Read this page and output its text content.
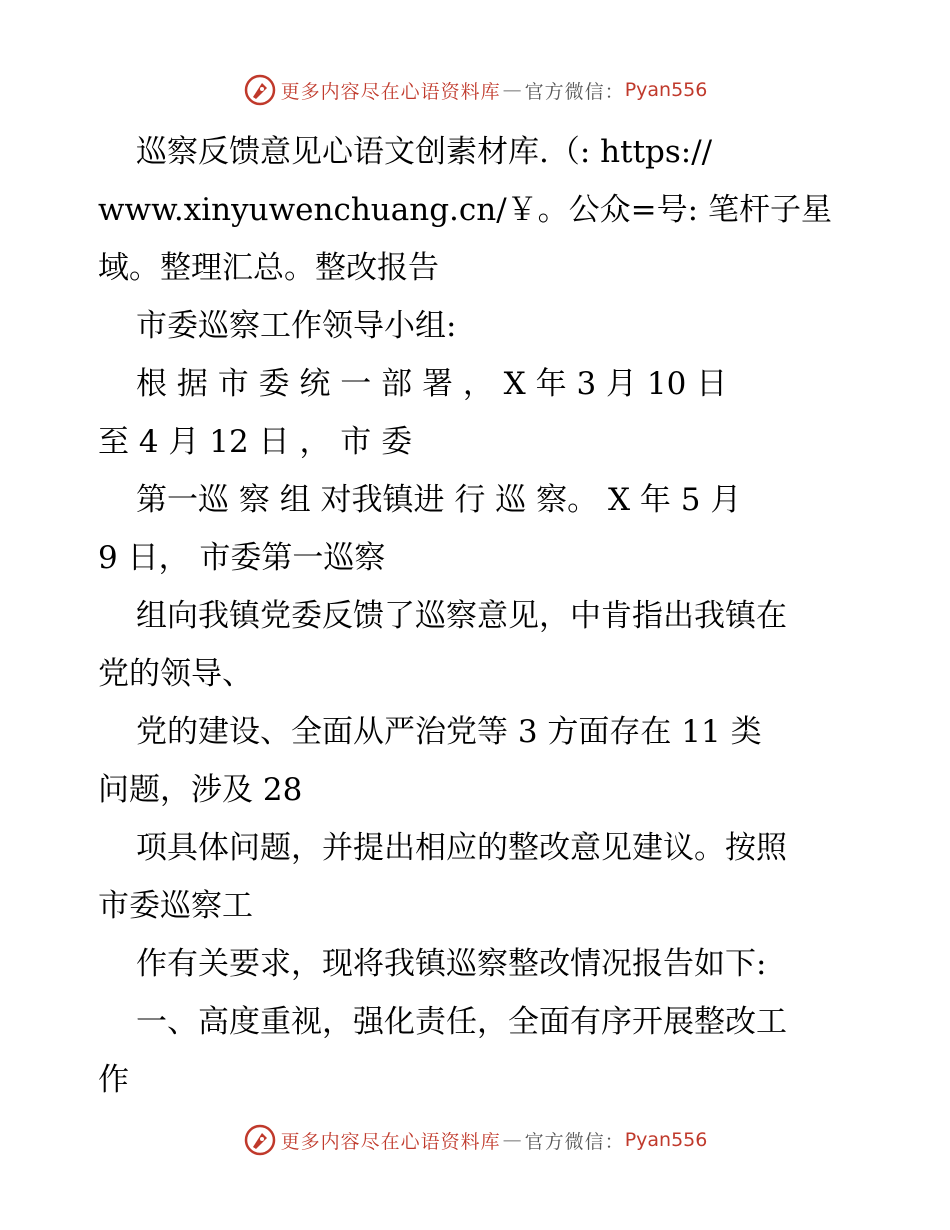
更多内容尽在心语资料库 — 官方微信： Pyan556
巡察反馈意见心语文创素材库.（: https://
www.xinyuwenchuang.cn/￥。公众=号: 笔杆子星
域。整理汇总。整改报告
市委巡察工作领导小组:
根 据 市 委 统 一 部 署 ， X 年 3 月 10 日
至 4 月 12 日 ， 市 委
第一巡 察 组 对我镇进 行 巡 察。 X 年 5 月
9 日， 市委第一巡察
组向我镇党委反馈了巡察意见，中肯指出我镇在
党的领导、
党的建设、全面从严治党等 3 方面存在 11 类
问题，涉及 28
项具体问题，并提出相应的整改意见建议。按照
市委巡察工
作有关要求，现将我镇巡察整改情况报告如下:
一、高度重视，强化责任，全面有序开展整改工
作
更多内容尽在心语资料库 — 官方微信： Pyan556
